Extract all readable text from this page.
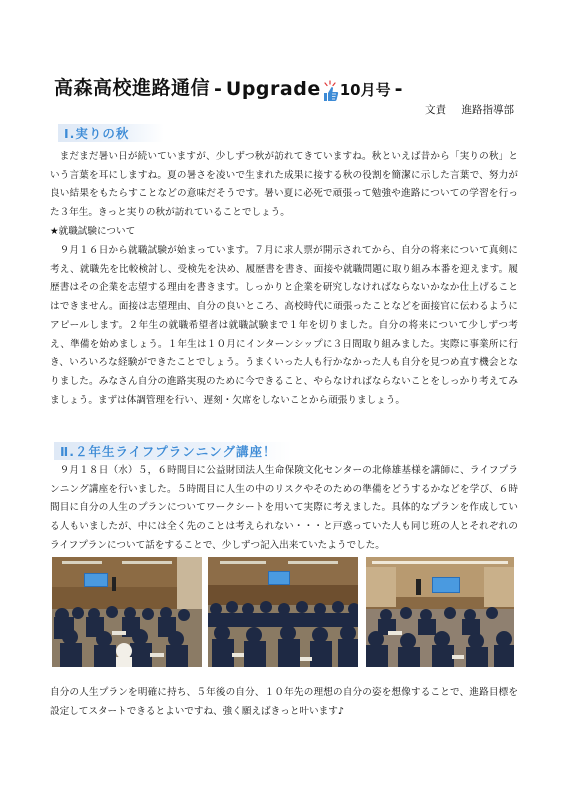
高森高校進路通信 - Upgrade 10月号 -
文責 進路指導部
Ⅰ.実りの秋
まだまだ暑い日が続いていますが、少しずつ秋が訪れてきていますね。秋といえば昔から「実りの秋」という言葉を耳にしますね。夏の暑さを凌いで生まれた成果に接する秋の役割を簡潔に示した言葉で、努力が良い結果をもたらすことなどの意味だそうです。暑い夏に必死で頑張って勉強や進路についての学習を行った３年生。きっと実りの秋が訪れていることでしょう。
★就職試験について
９月１６日から就職試験が始まっています。７月に求人票が開示されてから、自分の将来について真剣に考え、就職先を比較検討し、受検先を決め、履歴書を書き、面接や就職問題に取り組み本番を迎えます。履歴書はその企業を志望する理由を書きます。しっかりと企業を研究しなければならないかなか仕上げることはできません。面接は志望理由、自分の良いところ、高校時代に頑張ったことなどを面接官に伝わるようにアピールします。２年生の就職希望者は就職試験まで１年を切りました。自分の将来について少しずつ考え、準備を始めましょう。１年生は１０月にインターンシップに３日間取り組みました。実際に事業所に行き、いろいろな経験ができたことでしょう。うまくいった人も行かなかった人も自分を見つめ直す機会となりました。みなさん自分の進路実現のために今できること、やらなければならないことをしっかり考えてみましょう。まずは体調管理を行い、遅刻・欠席をしないことから頑張りましょう。
Ⅱ.２年生ライフプランニング講座！
９月１８日（水）５，６時間目に公益財団法人生命保険文化センターの北條雄基様を講師に、ライフプランニング講座を行いました。５時間目に人生の中のリスクやそのための準備をどうするかなどを学び、６時間目に自分の人生のプランについてワークシートを用いて実際に考えました。具体的なプランを作成している人もいましたが、中には全く先のことは考えられない・・・と戸惑っていた人も同じ班の人とそれぞれのライフプランについて話をすることで、少しずつ記入出来ていたようでした。
自分の人生プランを明確に持ち、５年後の自分、１０年先の理想の自分の姿を想像することで、進路目標を設定してスタートできるとよいですね、強く願えばきっと叶います♪
